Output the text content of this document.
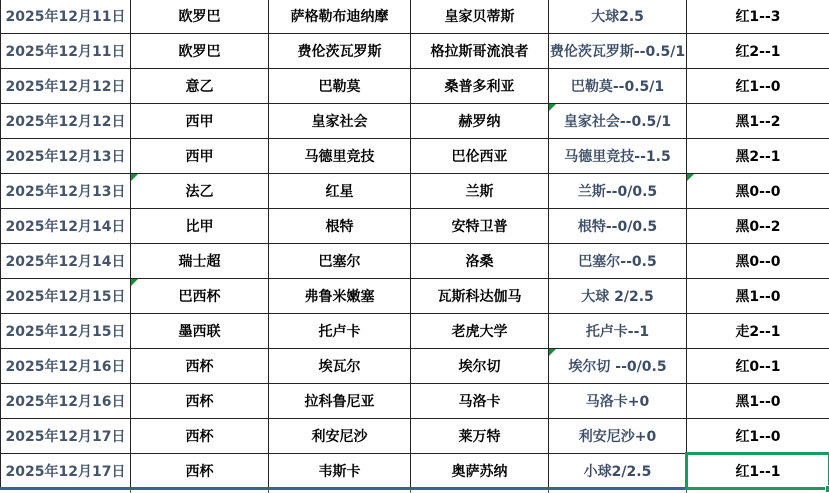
2025年12月11日	欧罗巴	萨格勒布迪纳摩	皇家贝蒂斯	大球2.5	红1--3
2025年12月11日	欧罗巴	费伦茨瓦罗斯	格拉斯哥流浪者	费伦茨瓦罗斯--0.5/1	红2--1
2025年12月12日	意乙	巴勒莫	桑普多利亚	巴勒莫--0.5/1	红1--0
2025年12月12日	西甲	皇家社会	赫罗纳	皇家社会--0.5/1	黑1--2
2025年12月13日	西甲	马德里竞技	巴伦西亚	马德里竞技--1.5	黑2--1
2025年12月13日	法乙	红星	兰斯	兰斯--0/0.5	黑0--0
2025年12月14日	比甲	根特	安特卫普	根特--0/0.5	黑0--2
2025年12月14日	瑞士超	巴塞尔	洛桑	巴塞尔--0.5	黑0--0
2025年12月15日	巴西杯	弗鲁米嫩塞	瓦斯科达伽马	大球 2/2.5	黑1--0
2025年12月15日	墨西联	托卢卡	老虎大学	托卢卡--1	走2--1
2025年12月16日	西杯	埃瓦尔	埃尔切	埃尔切 --0/0.5	红0--1
2025年12月16日	西杯	拉科鲁尼亚	马洛卡	马洛卡+0	黑1--0
2025年12月17日	西杯	利安尼沙	莱万特	利安尼沙+0	红1--0
2025年12月17日	西杯	韦斯卡	奥萨苏纳	小球2/2.5	红1--1
